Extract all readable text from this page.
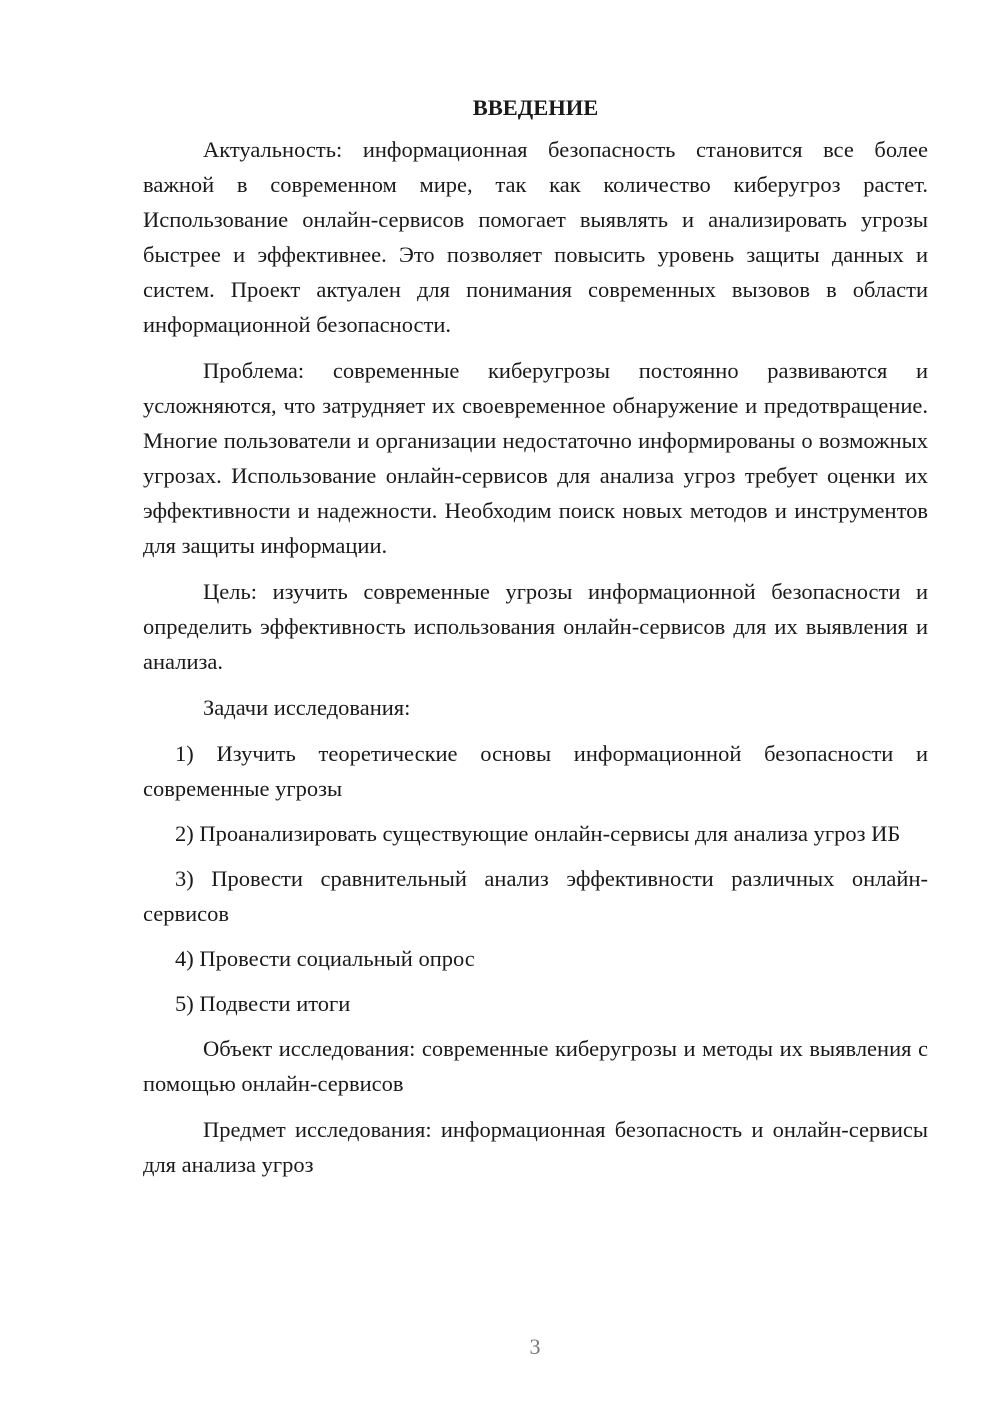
ВВЕДЕНИЕ

Актуальность: информационная безопасность становится все более важной в современном мире, так как количество киберугроз растет. Использование онлайн-сервисов помогает выявлять и анализировать угрозы быстрее и эффективнее. Это позволяет повысить уровень защиты данных и систем. Проект актуален для понимания современных вызовов в области информационной безопасности.

Проблема: современные киберугрозы постоянно развиваются и усложняются, что затрудняет их своевременное обнаружение и предотвращение. Многие пользователи и организации недостаточно информированы о возможных угрозах. Использование онлайн-сервисов для анализа угроз требует оценки их эффективности и надежности. Необходим поиск новых методов и инструментов для защиты информации.

Цель: изучить современные угрозы информационной безопасности и определить эффективность использования онлайн-сервисов для их выявления и анализа.

Задачи исследования:

1) Изучить теоретические основы информационной безопасности и современные угрозы

2) Проанализировать существующие онлайн-сервисы для анализа угроз ИБ

3) Провести сравнительный анализ эффективности различных онлайн-сервисов

4) Провести социальный опрос

5) Подвести итоги

Объект исследования: современные киберугрозы и методы их выявления с помощью онлайн-сервисов

Предмет исследования: информационная безопасность и онлайн-сервисы для анализа угроз

3
